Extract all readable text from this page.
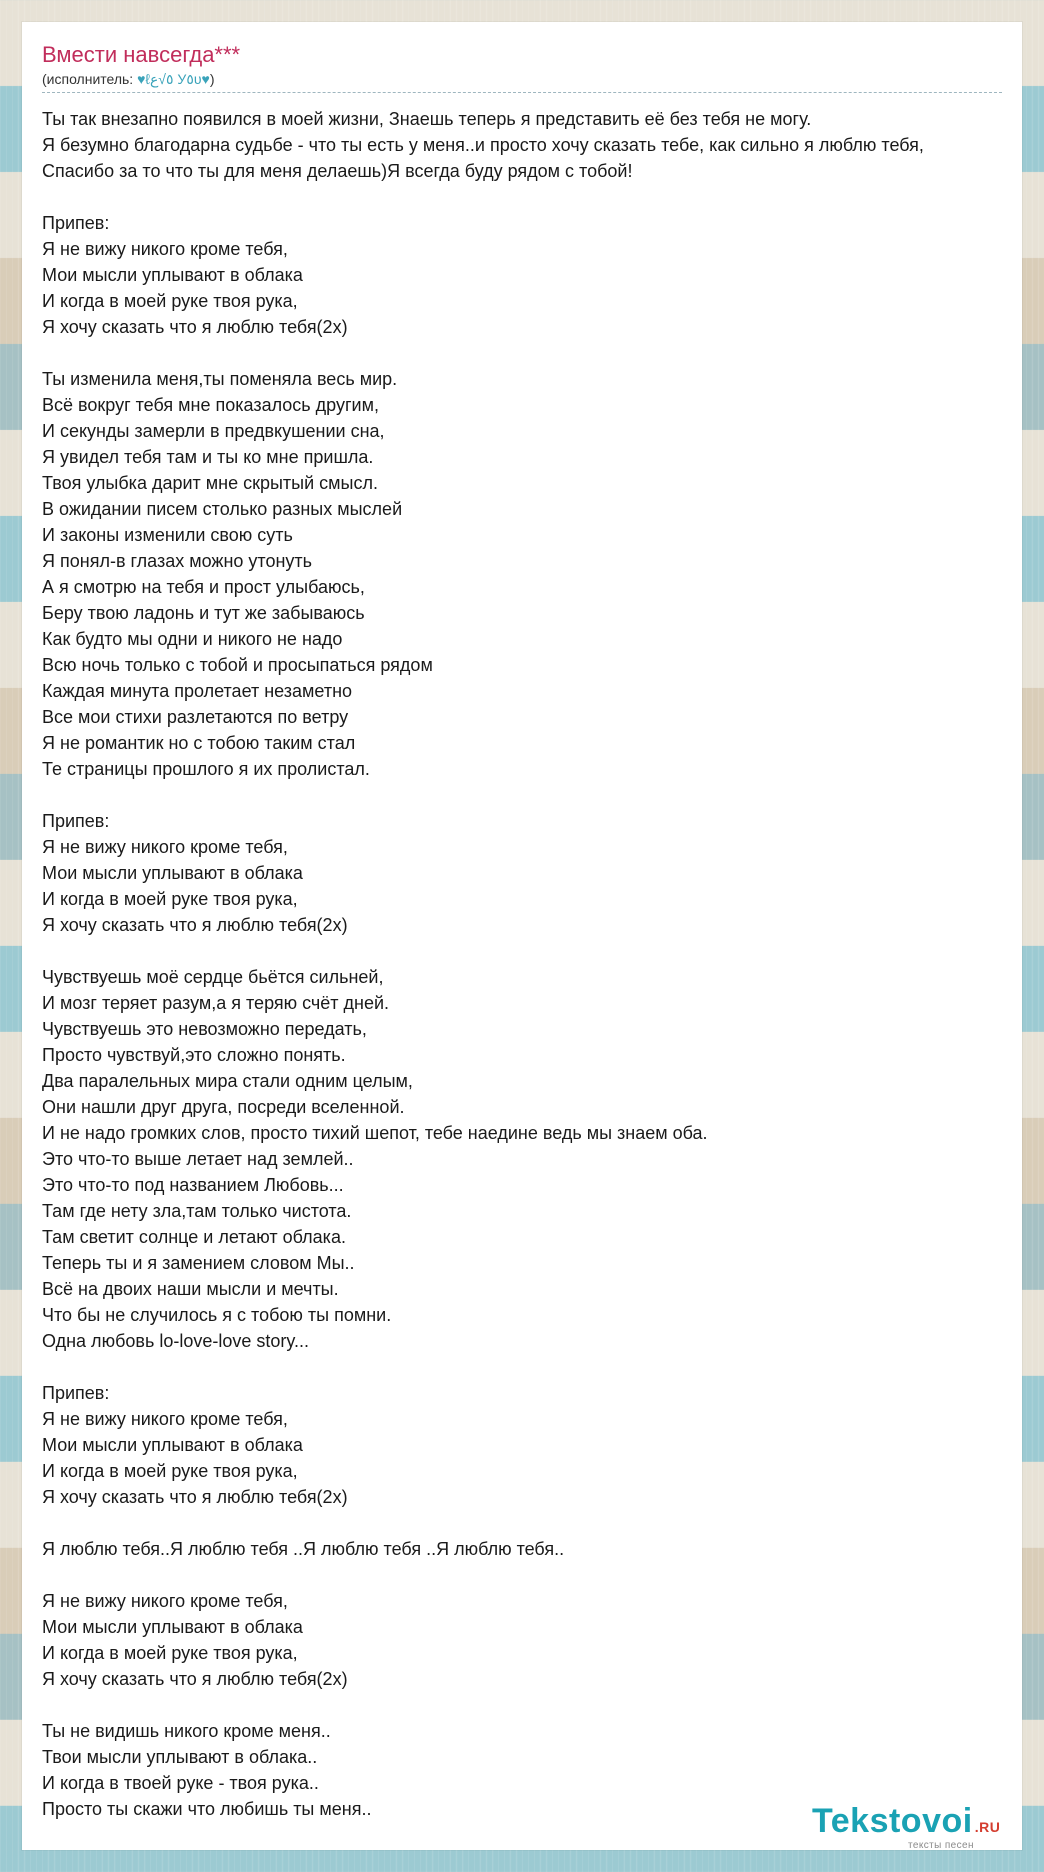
Вмести навсегда***
(исполнитель: ♥ℓ٥√ع У٥υ♥)
Ты так внезапно появился в моей жизни, Знаешь теперь я представить её без тебя не могу.
Я безумно благодарна судьбе - что ты есть у меня..и просто хочу сказать тебе, как сильно я люблю тебя,
Спасибо за то что ты для меня делаешь)Я всегда буду рядом с тобой!
Припев:
Я не вижу никого кроме тебя,
Мои мысли уплывают в облака
И когда в моей руке твоя рука,
Я хочу сказать что я люблю тебя(2х)
Ты изменила меня,ты поменяла весь мир.
Всё вокруг тебя мне показалось другим,
И секунды замерли в предвкушении сна,
Я увидел тебя там и ты ко мне пришла.
Твоя улыбка дарит мне скрытый смысл.
В ожидании писем столько разных мыслей
И законы изменили свою суть
Я понял-в глазах можно утонуть
А я смотрю на тебя и прост улыбаюсь,
Беру твою ладонь и тут же забываюсь
Как будто мы одни и никого не надо
Всю ночь только с тобой и просыпаться рядом
Каждая минута пролетает незаметно
Все мои стихи разлетаются по ветру
Я не романтик но с тобою таким стал
Те страницы прошлого я их пролистал.
Припев:
Я не вижу никого кроме тебя,
Мои мысли уплывают в облака
И когда в моей руке твоя рука,
Я хочу сказать что я люблю тебя(2х)
Чувствуешь моё сердце бьётся сильней,
И мозг теряет разум,а я теряю счёт дней.
Чувствуешь это невозможно передать,
Просто чувствуй,это сложно понять.
Два паралельных мира стали одним целым,
Они нашли друг друга, посреди вселенной.
И не надо громких слов, просто тихий шепот, тебе наедине ведь мы знаем оба.
Это что-то выше летает над землей..
Это что-то под названием Любовь...
Там где нету зла,там только чистота.
Там светит солнце и летают облака.
Теперь ты и я замением словом Мы..
Всё на двоих наши мысли и мечты.
Что бы не случилось я с тобою ты помни.
Одна любовь lo-love-love story...
Припев:
Я не вижу никого кроме тебя,
Мои мысли уплывают в облака
И когда в моей руке твоя рука,
Я хочу сказать что я люблю тебя(2х)
Я люблю тебя..Я люблю тебя ..Я люблю тебя ..Я люблю тебя..
Я не вижу никого кроме тебя,
Мои мысли уплывают в облака
И когда в моей руке твоя рука,
Я хочу сказать что я люблю тебя(2х)
Ты не видишь никого кроме меня..
Твои мысли уплывают в облака..
И когда в твоей руке - твоя рука..
Просто ты скажи что любишь ты меня..	Tekstovoi .RU
тексты песен
